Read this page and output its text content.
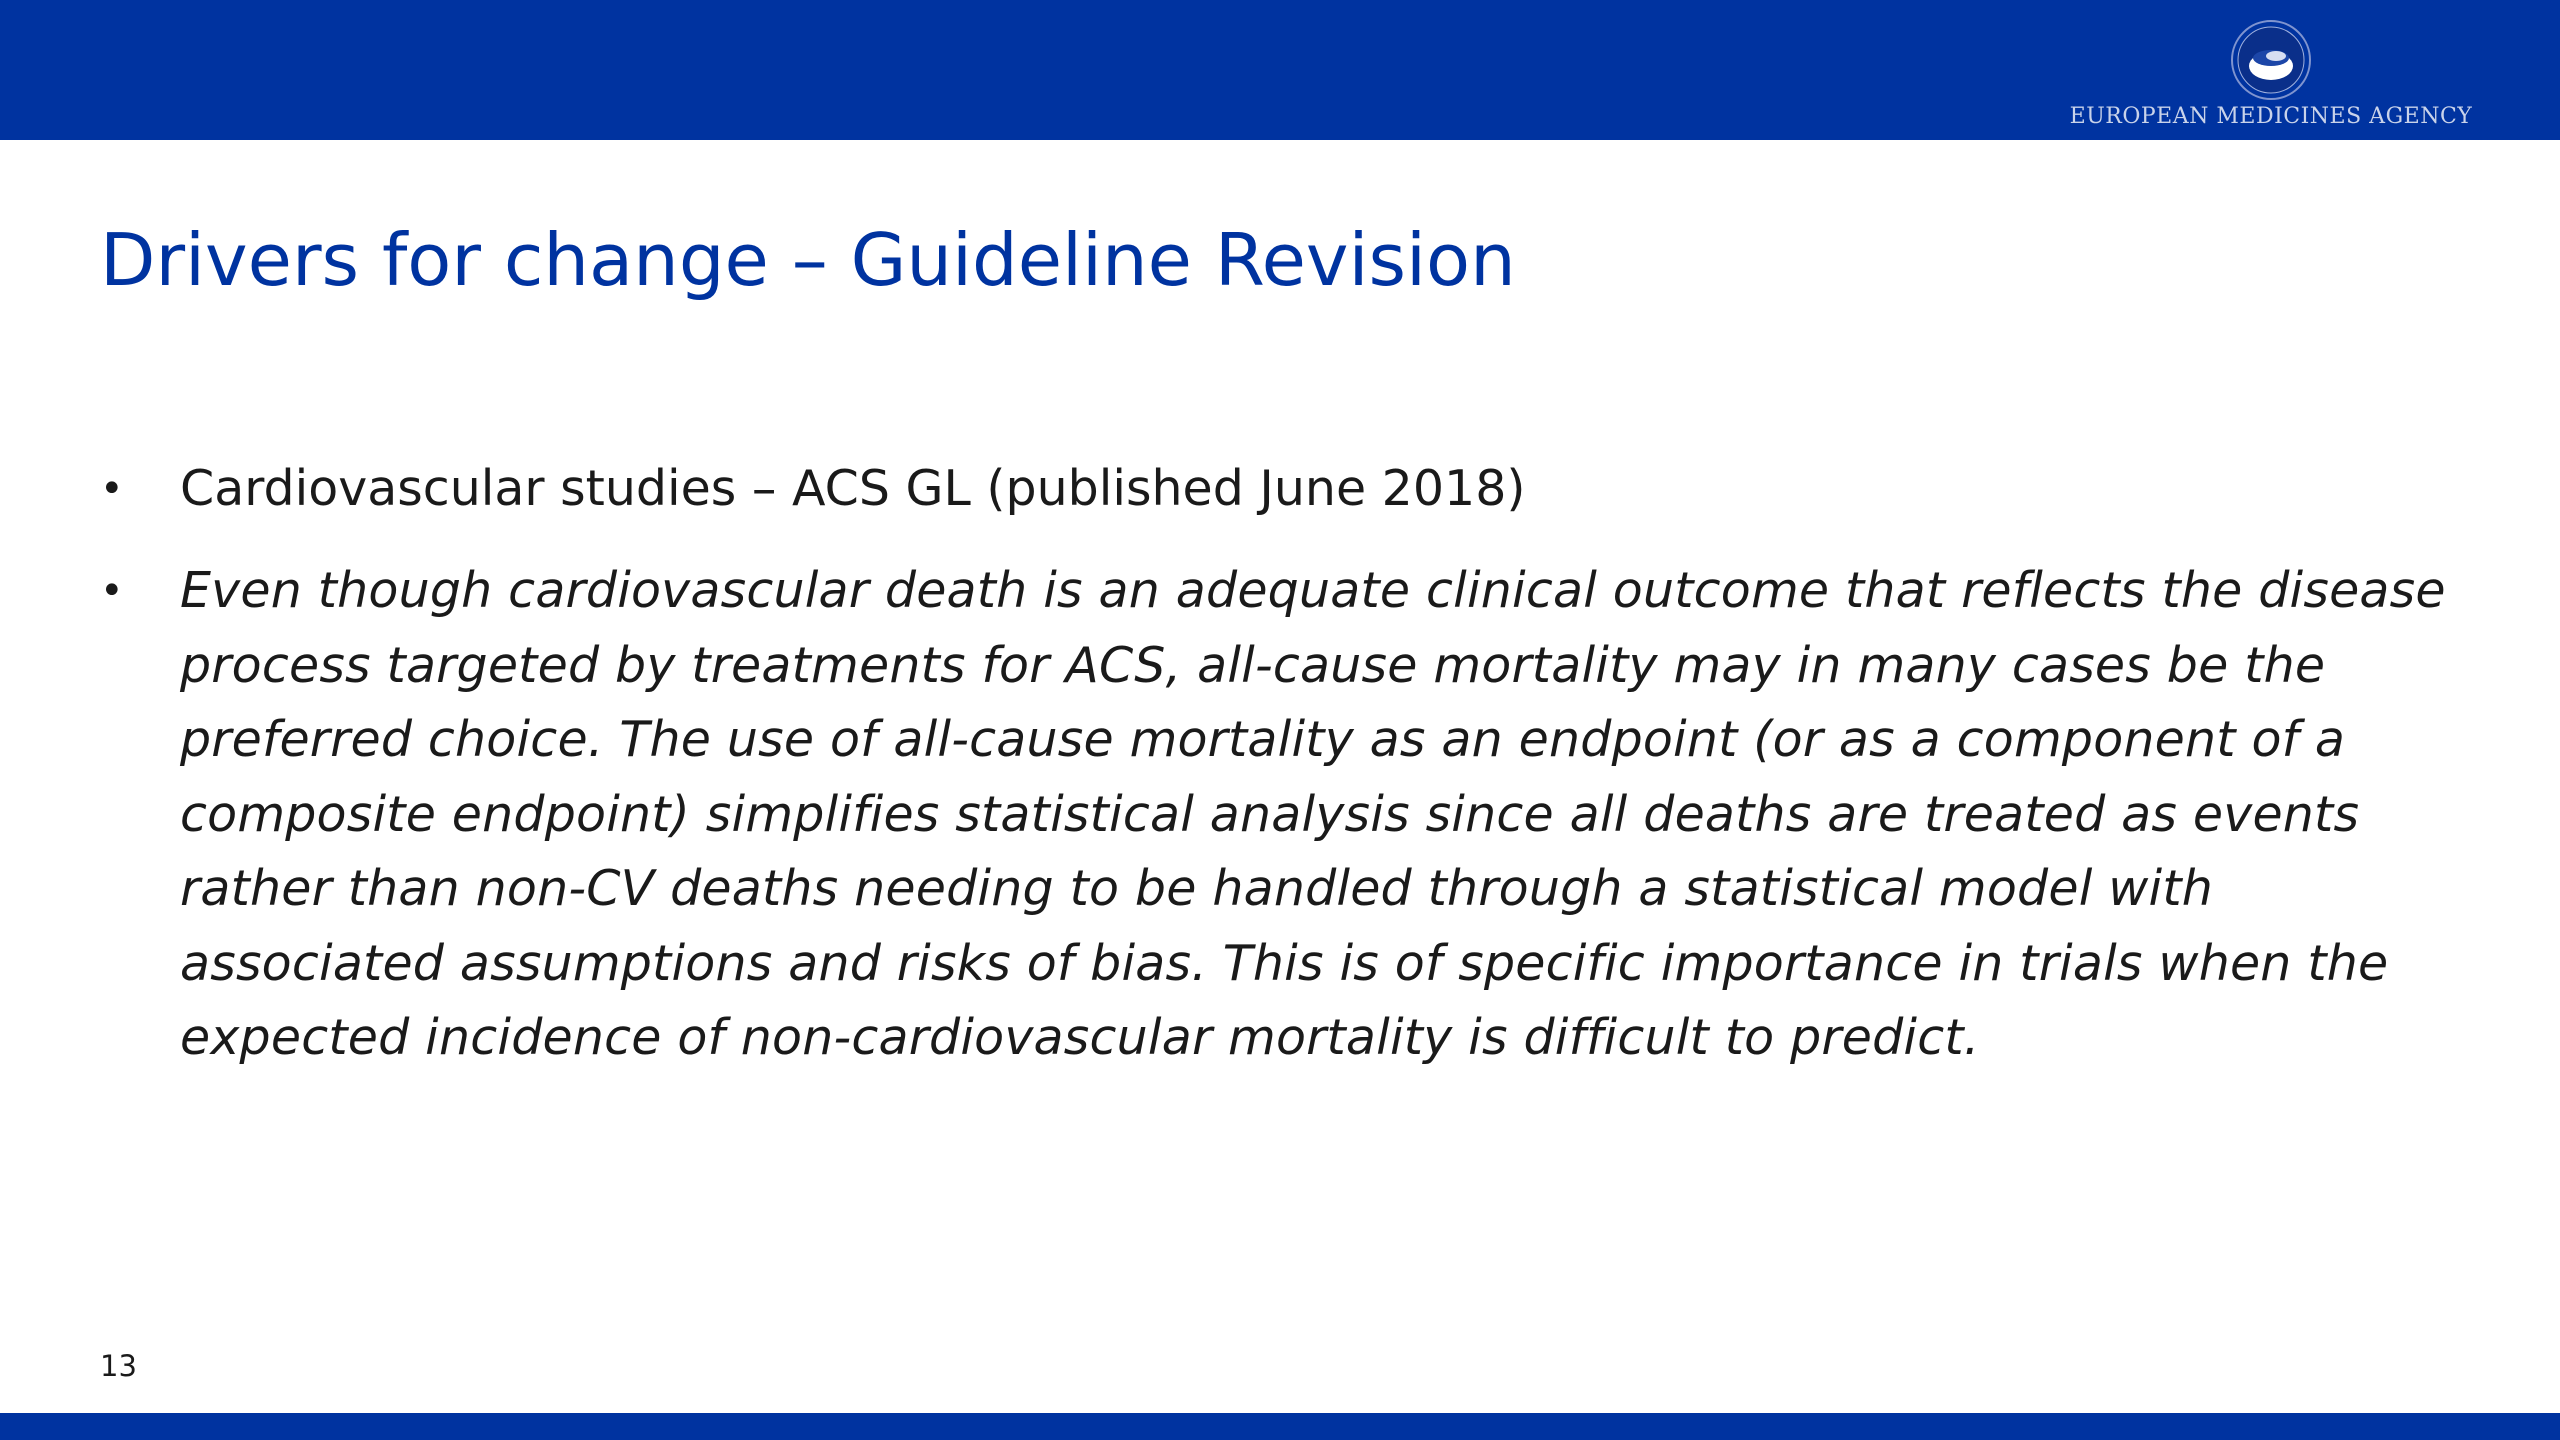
EUROPEAN MEDICINES AGENCY
Drivers for change – Guideline Revision
• Cardiovascular studies – ACS GL (published June 2018)
• Even though cardiovascular death is an adequate clinical outcome that reflects the disease process targeted by treatments for ACS, all-cause mortality may in many cases be the preferred choice. The use of all-cause mortality as an endpoint (or as a component of a composite endpoint) simplifies statistical analysis since all deaths are treated as events rather than non-CV deaths needing to be handled through a statistical model with associated assumptions and risks of bias. This is of specific importance in trials when the expected incidence of non-cardiovascular mortality is difficult to predict.
13
